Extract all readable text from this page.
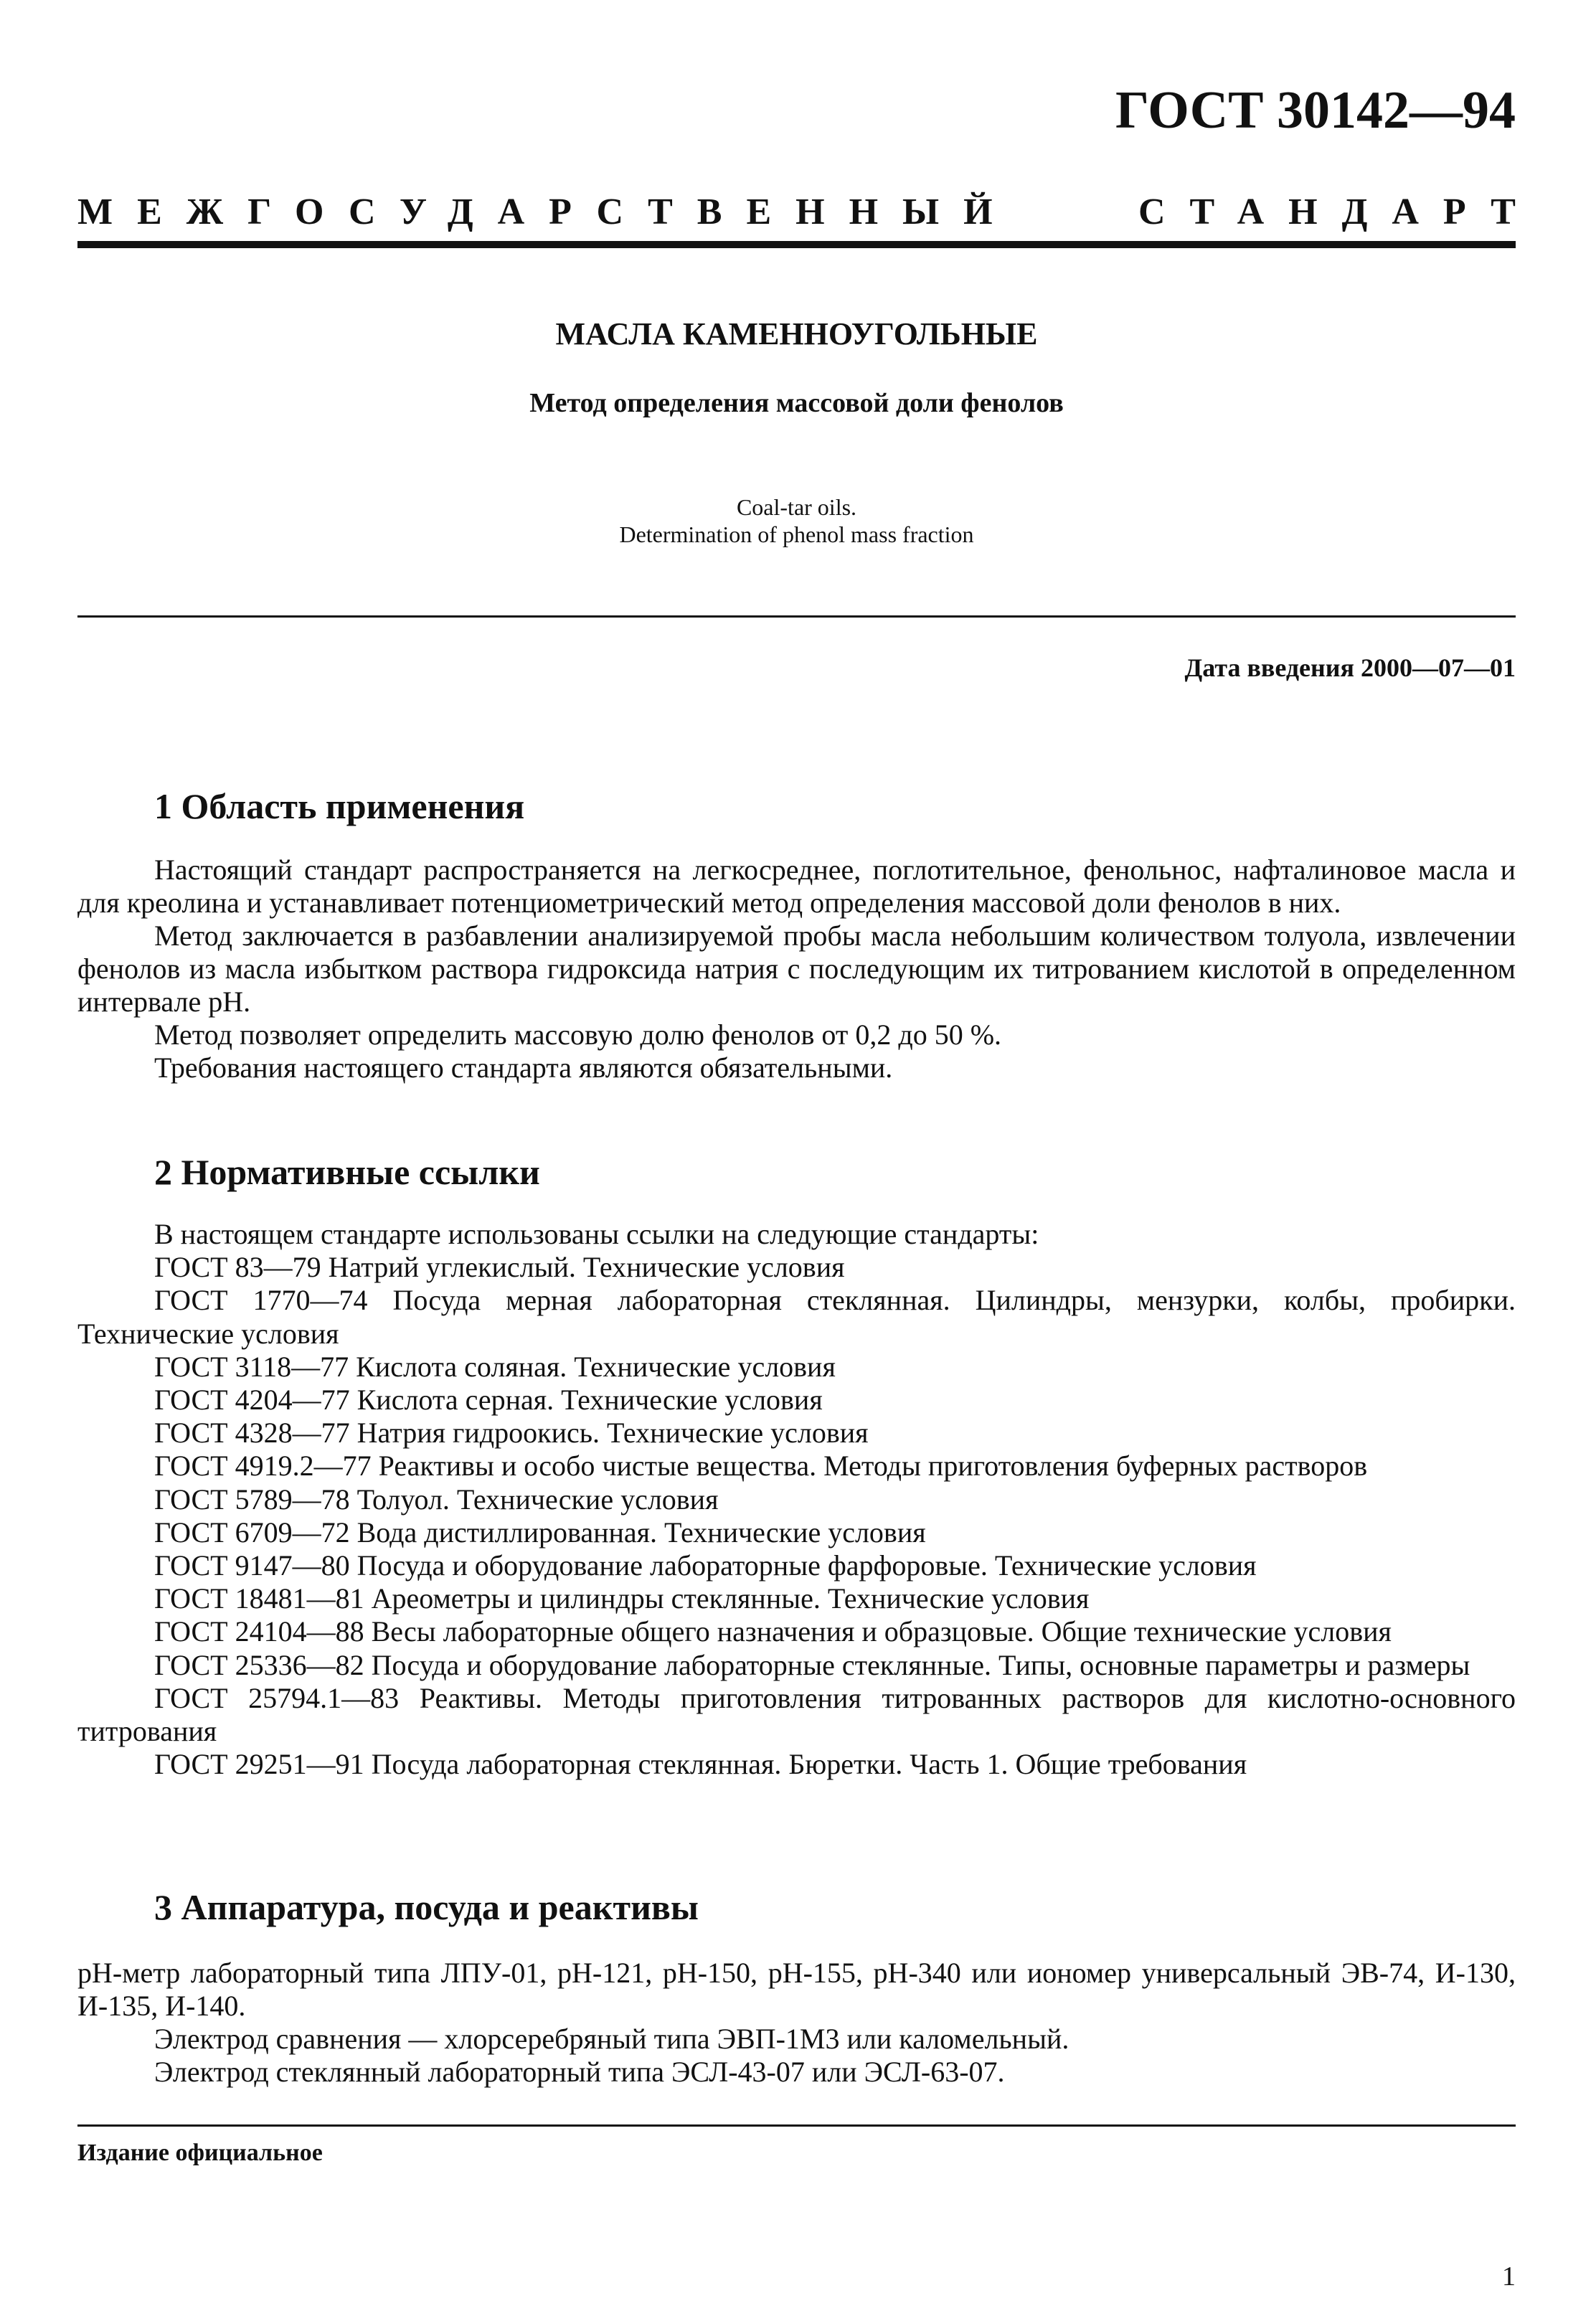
ГОСТ 30142—94
МЕЖГОСУДАРСТВЕННЫЙ	СТАНДАРТ
МАСЛА КАМЕННОУГОЛЬНЫЕ
Метод определения массовой доли фенолов
Coal-tar oils.
Determination of phenol mass fraction
Дата введения 2000—07—01
1 Область применения
Настоящий стандарт распространяется на легкосреднее, поглотительное, фенольнос, нафталиновое масла и для креолина и устанавливает потенциометрический метод определения массовой доли фенолов в них.
Метод заключается в разбавлении анализируемой пробы масла небольшим количеством толуола, извлечении фенолов из масла избытком раствора гидроксида натрия с последующим их титрованием кислотой в определенном интервале pH.
Метод позволяет определить массовую долю фенолов от 0,2 до 50 %.
Требования настоящего стандарта являются обязательными.
2 Нормативные ссылки
В настоящем стандарте использованы ссылки на следующие стандарты:
ГОСТ 83—79 Натрий углекислый. Технические условия
ГОСТ 1770—74 Посуда мерная лабораторная стеклянная. Цилиндры, мензурки, колбы, пробирки. Технические условия
ГОСТ 3118—77 Кислота соляная. Технические условия
ГОСТ 4204—77 Кислота серная. Технические условия
ГОСТ 4328—77 Натрия гидроокись. Технические условия
ГОСТ 4919.2—77 Реактивы и особо чистые вещества. Методы приготовления буферных растворов
ГОСТ 5789—78 Толуол. Технические условия
ГОСТ 6709—72 Вода дистиллированная. Технические условия
ГОСТ 9147—80 Посуда и оборудование лабораторные фарфоровые. Технические условия
ГОСТ 18481—81 Ареометры и цилиндры стеклянные. Технические условия
ГОСТ 24104—88 Весы лабораторные общего назначения и образцовые. Общие технические условия
ГОСТ 25336—82 Посуда и оборудование лабораторные стеклянные. Типы, основные параметры и размеры
ГОСТ 25794.1—83 Реактивы. Методы приготовления титрованных растворов для кислотно-основного титрования
ГОСТ 29251—91 Посуда лабораторная стеклянная. Бюретки. Часть 1. Общие требования
3 Аппаратура, посуда и реактивы
pH-метр лабораторный типа ЛПУ-01, pH-121, pH-150, pH-155, pH-340 или иономер универсальный ЭВ-74, И-130, И-135, И-140.
Электрод сравнения — хлорсеребряный типа ЭВП-1М3 или каломельный.
Электрод стеклянный лабораторный типа ЭСЛ-43-07 или ЭСЛ-63-07.
Издание официальное
1
